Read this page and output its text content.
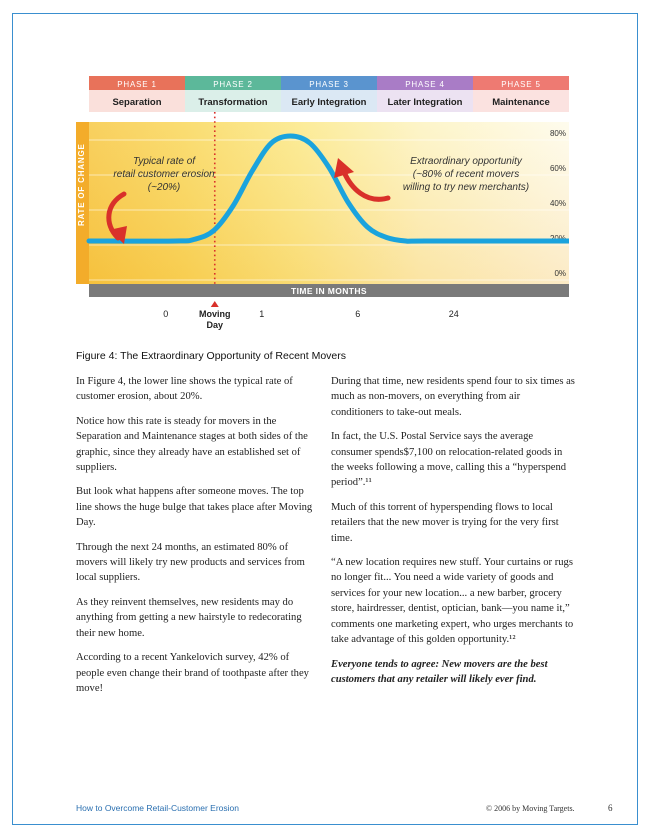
PHASE 1
Separation
PHASE 2
Transformation
PHASE 3
Early Integration
PHASE 4
Later Integration
PHASE 5
Maintenance
RATE OF CHANGE
80%
60%
40%
20%
0%
Typical rate of
retail customer erosion
(~20%)
Extraordinary opportunity
(~80% of recent movers
willing to try new merchants)
TIME IN MONTHS
0	Moving
Day
1	6	24
Figure 4: The Extraordinary Opportunity of Recent Movers

In Figure 4, the lower line shows the typical rate of customer erosion, about 20%.

Notice how this rate is steady for movers in the Separation and Maintenance stages at both sides of the graphic, since they already have an established set of suppliers.

But look what happens after someone moves. The top line shows the huge bulge that takes place after Moving Day.

Through the next 24 months, an estimated 80% of movers will likely try new products and services from local suppliers.

As they reinvent themselves, new residents may do anything from getting a new hairstyle to redecorating their new home.

According to a recent Yankelovich survey, 42% of people even change their brand of toothpaste after they move!

During that time, new residents spend four to six times as much as non-movers, on everything from air conditioners to take-out meals.

In fact, the U.S. Postal Service says the average consumer spends$7,100 on relocation-related goods in the weeks following a move, calling this a “hyperspend period”.¹¹

Much of this torrent of hyperspending flows to local retailers that the new mover is trying for the very first time.

“A new location requires new stuff. Your curtains or rugs no longer fit... You need a wide variety of goods and services for your new location... a new barber, grocery store, hairdresser, dentist, optician, bank—you name it,” comments one marketing expert, who urges merchants to take advantage of this golden opportunity.¹²

Everyone tends to agree: New movers are the best customers that any retailer will likely ever find.

How to Overcome Retail-Customer Erosion	© 2006 by Moving Targets.	6
